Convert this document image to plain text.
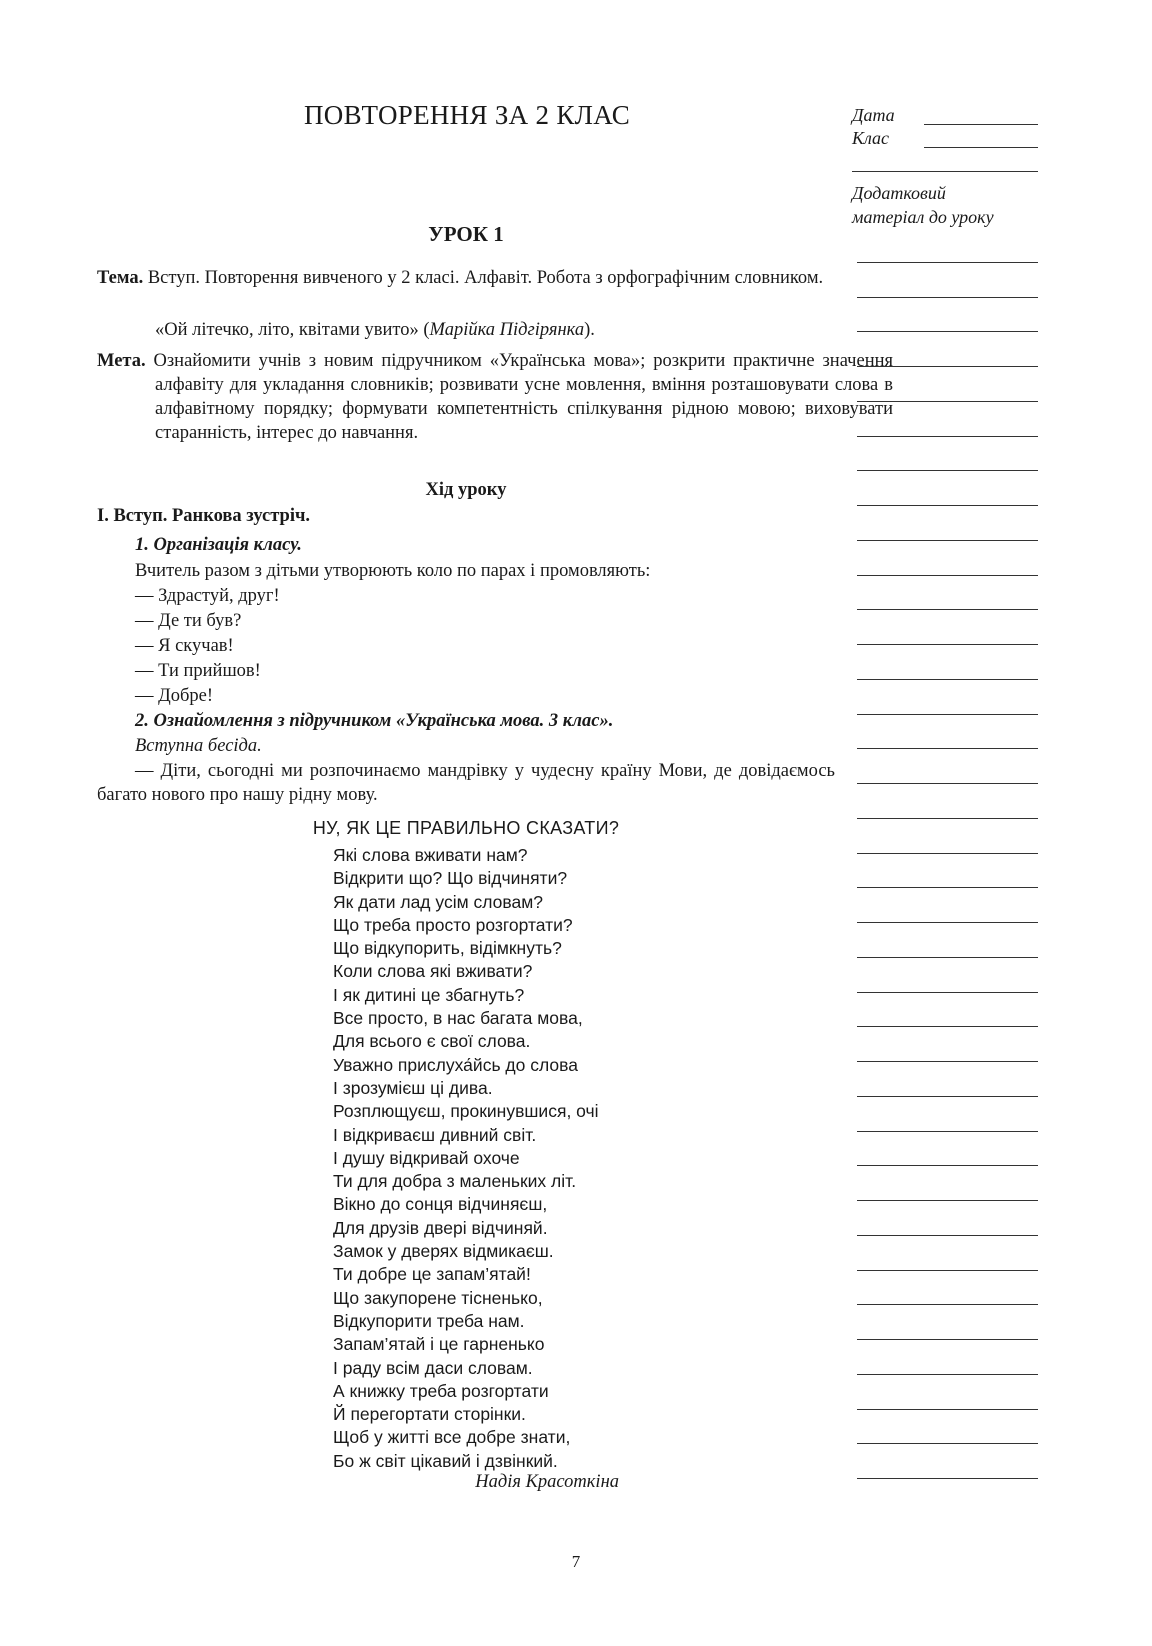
ПОВТОРЕННЯ ЗА 2 КЛАС
УРОК 1
Тема. Вступ. Повторення вивченого у 2 класі. Алфавіт. Робота з орфографічним словником.
«Ой літечко, літо, квітами увито» (Марійка Підгірянка).
Мета. Ознайомити учнів з новим підручником «Українська мова»; розкрити практичне значення алфавіту для укладання словників; розвивати усне мовлення, вміння розташовувати слова в алфавітному порядку; формувати компетентність спілкування рідною мовою; виховувати старанність, інтерес до навчання.
Хід уроку
I. Вступ. Ранкова зустріч.
1. Організація класу.
Вчитель разом з дітьми утворюють коло по парах і промовляють:
— Здрастуй, друг!
— Де ти був?
— Я скучав!
— Ти прийшов!
— Добре!
2. Ознайомлення з підручником «Українська мова. 3 клас».
Вступна бесіда.
— Діти, сьогодні ми розпочинаємо мандрівку у чудесну країну Мови, де довідаємось багато нового про нашу рідну мову.
НУ, ЯК ЦЕ ПРАВИЛЬНО СКАЗАТИ?
Які слова вживати нам?
Відкрити що? Що відчиняти?
Як дати лад усім словам?
Що треба просто розгортати?
Що відкупорить, відімкнуть?
Коли слова які вживати?
І як дитині це збагнуть?
Все просто, в нас багата мова,
Для всього є свої слова.
Уважно прислуха́йсь до слова
І зрозумієш ці дива.
Розплющуєш, прокинувшися, очі
І відкриваєш дивний світ.
І душу відкривай охоче
Ти для добра з маленьких літ.
Вікно до сонця відчиняєш,
Для друзів двері відчиняй.
Замок у дверях відмикаєш.
Ти добре це запам’ятай!
Що закупорене тісненько,
Відкупорити треба нам.
Запам’ятай і це гарненько
І раду всім даси словам.
А книжку треба розгортати
Й перегортати сторінки.
Щоб у житті все добре знати,
Бо ж світ цікавий і дзвінкий.
Надія Красоткіна
Дата
Клас
Додатковий
матеріал до уроку
7
